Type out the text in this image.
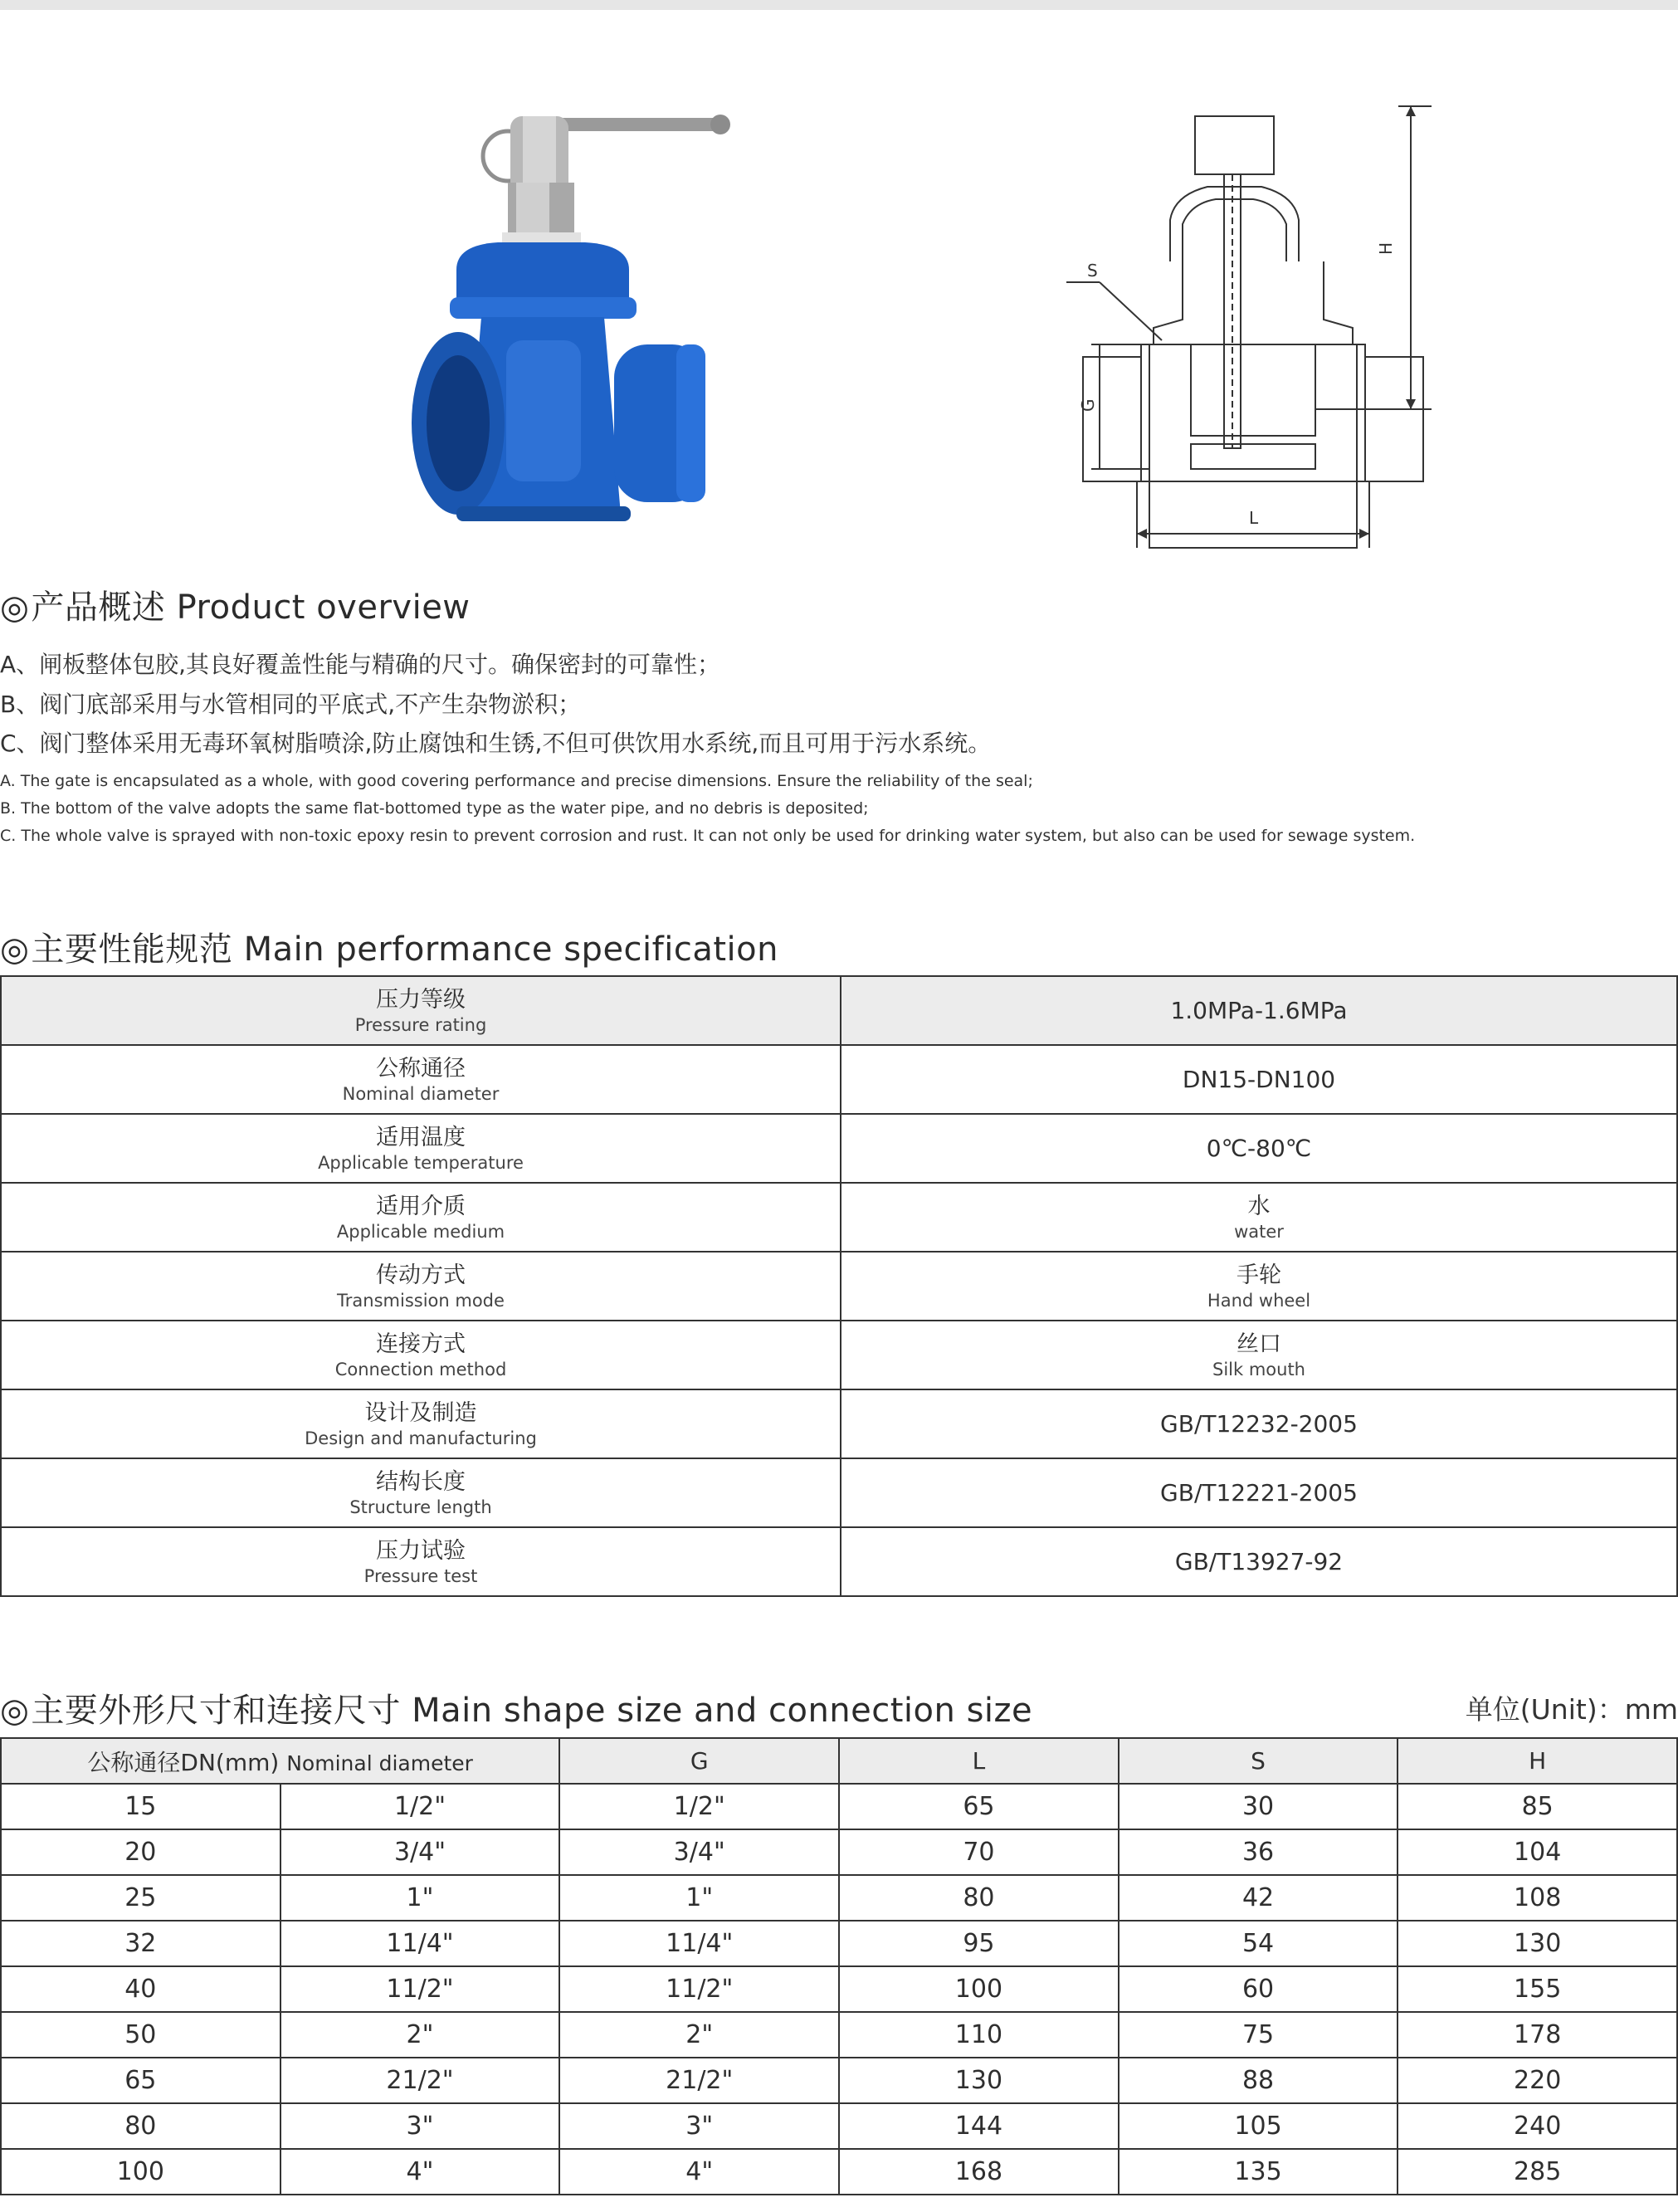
S
G
H
L
◎产品概述 Product overview
A、闸板整体包胶,其良好覆盖性能与精确的尺寸。确保密封的可靠性；
B、阀门底部采用与水管相同的平底式,不产生杂物淤积；
C、阀门整体采用无毒环氧树脂喷涂,防止腐蚀和生锈,不但可供饮用水系统,而且可用于污水系统。
A. The gate is encapsulated as a whole, with good covering performance and precise dimensions. Ensure the reliability of the seal;
B. The bottom of the valve adopts the same flat-bottomed type as the water pipe, and no debris is deposited;
C. The whole valve is sprayed with non-toxic epoxy resin to prevent corrosion and rust. It can not only be used for drinking water system, but also can be used for sewage system.
◎主要性能规范 Main performance specification
压力等级
Pressure rating	1.0MPa-1.6MPa

公称通径
Nominal diameter	DN15-DN100

适用温度
Applicable temperature	0℃-80℃

适用介质
Applicable medium	水
water

传动方式
Transmission mode	手轮
Hand wheel

连接方式
Connection method	丝口
Silk mouth

设计及制造
Design and manufacturing	GB/T12232-2005

结构长度
Structure length	GB/T12221-2005

压力试验
Pressure test	GB/T13927-92
◎主要外形尺寸和连接尺寸 Main shape size and connection size	单位(Unit)：mm
公称通径DN(mm) Nominal diameter		G	L	S	H
15	1/2"	1/2"	65	30	85
20	3/4"	3/4"	70	36	104
25	1"	1"	80	42	108
32	11/4"	11/4"	95	54	130
40	11/2"	11/2"	100	60	155
50	2"	2"	110	75	178
65	21/2"	21/2"	130	88	220
80	3"	3"	144	105	240
100	4"	4"	168	135	285
